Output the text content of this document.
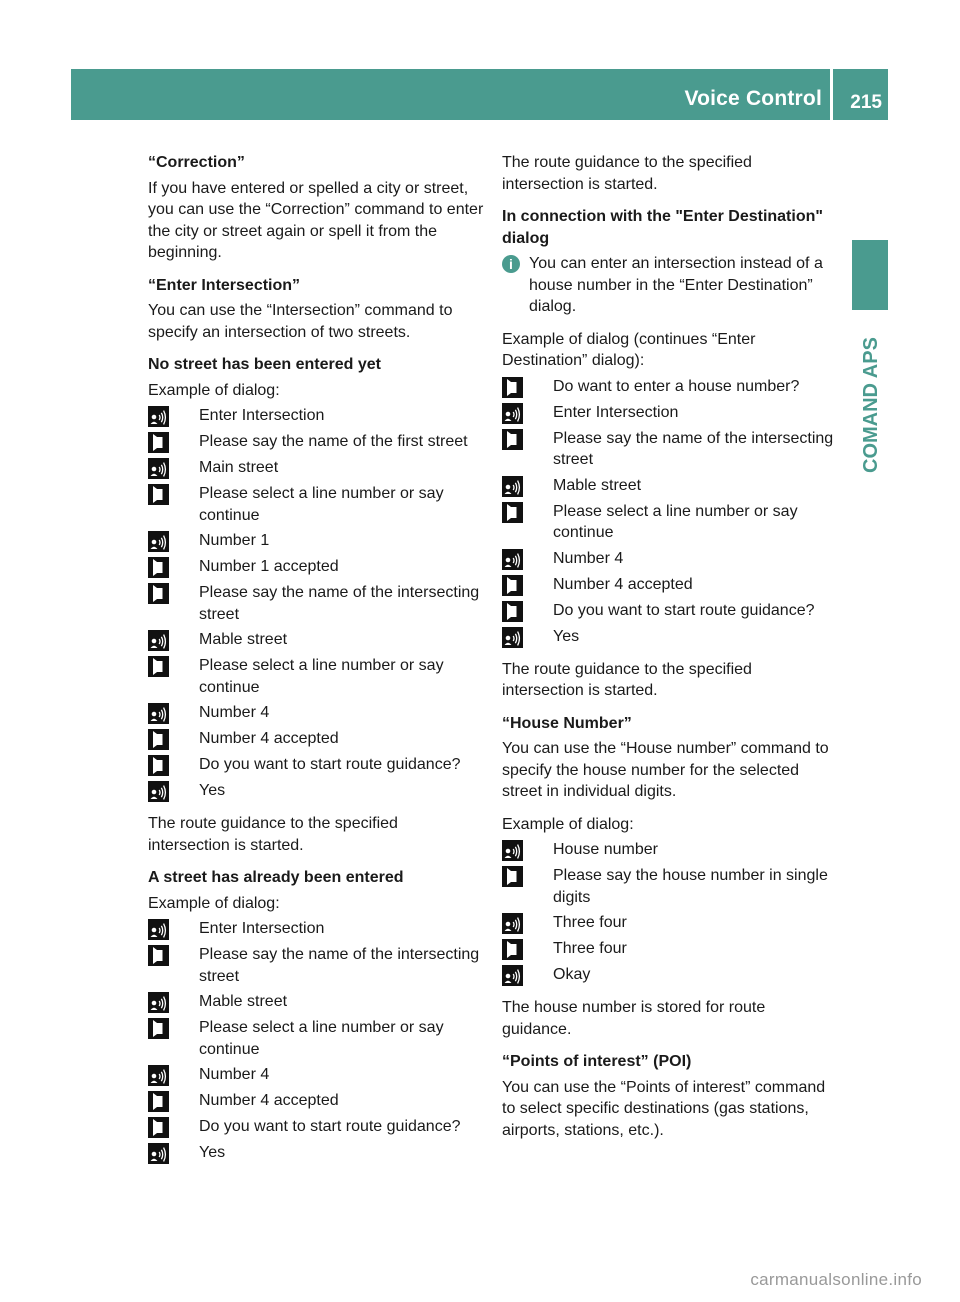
Voice Control 215
COMAND APS

“Correction”

If you have entered or spelled a city or street, you can use the “Correction” command to enter the city or street again or spell it from the beginning.

“Enter Intersection”

You can use the “Intersection” command to specify an intersection of two streets.

No street has been entered yet

Example of dialog:

Enter Intersection
Please say the name of the first street
Main street
Please select a line number or say continue
Number 1
Number 1 accepted
Please say the name of the intersecting street
Mable street
Please select a line number or say continue
Number 4
Number 4 accepted
Do you want to start route guidance?
Yes

The route guidance to the specified intersection is started.

A street has already been entered

Example of dialog:

Enter Intersection
Please say the name of the intersecting street
Mable street
Please select a line number or say continue
Number 4
Number 4 accepted
Do you want to start route guidance?
Yes

The route guidance to the specified intersection is started.

In connection with the "Enter Destination" dialog

i	You can enter an intersection instead of a house number in the “Enter Destination” dialog.

Example of dialog (continues “Enter Destination” dialog):

Do want to enter a house number?
Enter Intersection
Please say the name of the intersecting street
Mable street
Please select a line number or say continue
Number 4
Number 4 accepted
Do you want to start route guidance?
Yes

The route guidance to the specified intersection is started.

“House Number”

You can use the “House number” command to specify the house number for the selected street in individual digits.

Example of dialog:

House number
Please say the house number in single digits
Three four
Three four
Okay

The house number is stored for route guidance.

“Points of interest” (POI)

You can use the “Points of interest” command to select specific destinations (gas stations, airports, stations, etc.).

carmanualsonline.info
